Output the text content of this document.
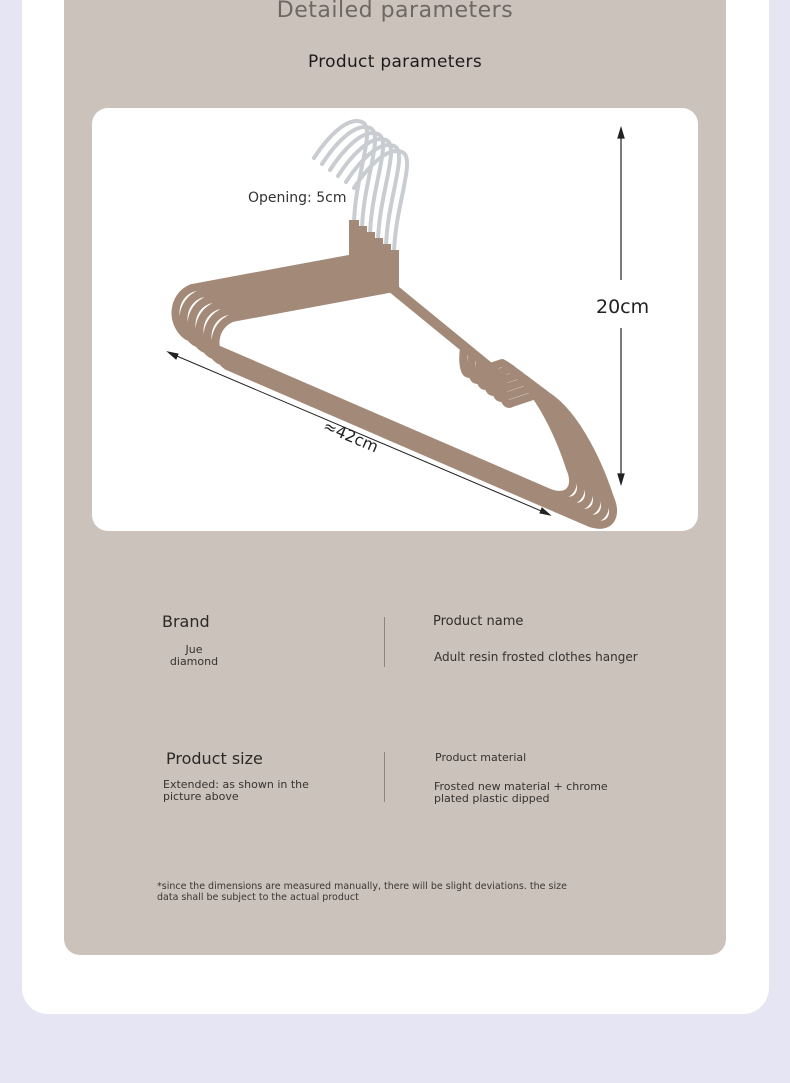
Detailed parameters
Product parameters
20cm
≈42cm
Opening: 5cm
Brand
Jue
diamond
Product name
Adult resin frosted clothes hanger
Product size
Extended: as shown in the picture above
Product material
Frosted new material + chrome plated plastic dipped
*since the dimensions are measured manually, there will be slight deviations. the size data shall be subject to the actual product
